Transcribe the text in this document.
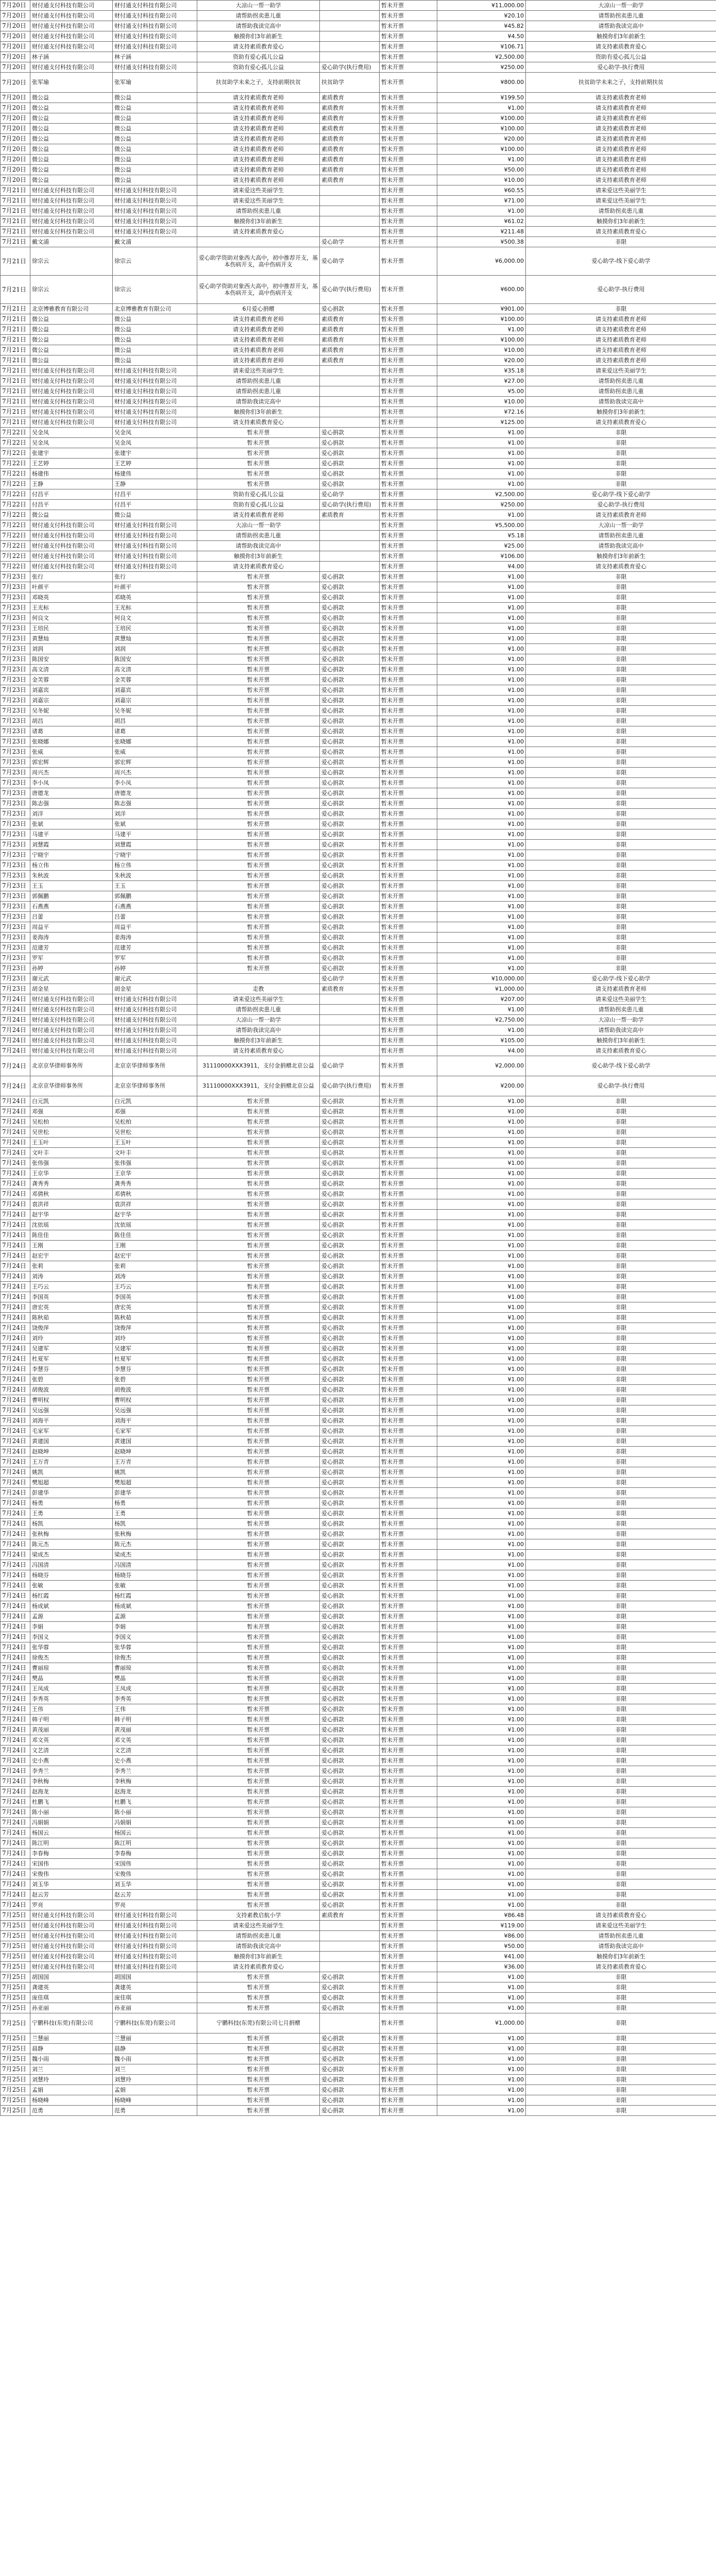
7月20日	财付通支付科技有限公司	财付通支付科技有限公司	大凉山一帮一助学		暂未开票	¥11,000.00	大凉山一帮一助学
7月20日	财付通支付科技有限公司	财付通支付科技有限公司	请帮助拐卖患儿重		暂未开票	¥20.10	请帮助拐卖患儿重
7月20日	财付通支付科技有限公司	财付通支付科技有限公司	请帮助我读完高中		暂未开票	¥45.82	请帮助我读完高中
7月20日	财付通支付科技有限公司	财付通支付科技有限公司	触摸你们3年前新生		暂未开票	¥4.50	触摸你们3年前新生
7月20日	财付通支付科技有限公司	财付通支付科技有限公司	请支持素质教育爱心		暂未开票	¥106.71	请支持素质教育爱心
7月20日	林子涵	林子涵	资助有爱心孤儿公益		暂未开票	¥2,500.00	资助有爱心孤儿公益
7月20日	财付通支付科技有限公司	财付通支付科技有限公司	资助有爱心孤儿公益	爱心助学(执行费用)	暂未开票	¥250.00	爱心助学-执行费用
7月20日	张军瑜	张军瑜	扶贫助学未来之子，支持前期扶贫	扶贫助学	暂未开票	¥800.00	扶贫助学未来之子，支持前期扶贫
7月20日	微公益	微公益	请支持素质教育老师	素质教育	暂未开票	¥199.50	请支持素质教育老师
7月20日	微公益	微公益	请支持素质教育老师	素质教育	暂未开票	¥1.00	请支持素质教育老师
7月20日	微公益	微公益	请支持素质教育老师	素质教育	暂未开票	¥100.00	请支持素质教育老师
7月20日	微公益	微公益	请支持素质教育老师	素质教育	暂未开票	¥100.00	请支持素质教育老师
7月20日	微公益	微公益	请支持素质教育老师	素质教育	暂未开票	¥20.00	请支持素质教育老师
7月20日	微公益	微公益	请支持素质教育老师	素质教育	暂未开票	¥100.00	请支持素质教育老师
7月20日	微公益	微公益	请支持素质教育老师	素质教育	暂未开票	¥1.00	请支持素质教育老师
7月20日	微公益	微公益	请支持素质教育老师	素质教育	暂未开票	¥50.00	请支持素质教育老师
7月20日	微公益	微公益	请支持素质教育老师	素质教育	暂未开票	¥10.00	请支持素质教育老师
7月21日	财付通支付科技有限公司	财付通支付科技有限公司	请来爱这些美丽学生		暂未开票	¥60.55	请来爱这些美丽学生
7月21日	财付通支付科技有限公司	财付通支付科技有限公司	请来爱这些美丽学生		暂未开票	¥71.00	请来爱这些美丽学生
7月21日	财付通支付科技有限公司	财付通支付科技有限公司	请帮助拐卖患儿重		暂未开票	¥1.00	请帮助拐卖患儿重
7月21日	财付通支付科技有限公司	财付通支付科技有限公司	触摸你们3年前新生		暂未开票	¥61.02	触摸你们3年前新生
7月21日	财付通支付科技有限公司	财付通支付科技有限公司	请支持素质教育爱心		暂未开票	¥211.48	请支持素质教育爱心
7月21日	戴文浦	戴文浦		爱心助学	暂未开票	¥500.38	非限
7月21日	徐宗云	徐宗云	爱心助学资助对象西大高中，初中推荐开支，基本伤病开支，高中伤病开支	爱心助学	暂未开票	¥6,000.00	爱心助学-线下爱心助学
7月21日	徐宗云	徐宗云	爱心助学资助对象西大高中，初中推荐开支，基本伤病开支，高中伤病开支	爱心助学(执行费用)	暂未开票	¥600.00	爱心助学-执行费用
7月21日	北京博雅教育有限公司	北京博雅教育有限公司	6月爱心捐赠	爱心捐款	暂未开票	¥901.00	非限
7月21日	微公益	微公益	请支持素质教育老师	素质教育	暂未开票	¥100.00	请支持素质教育老师
7月21日	微公益	微公益	请支持素质教育老师	素质教育	暂未开票	¥1.00	请支持素质教育老师
7月21日	微公益	微公益	请支持素质教育老师	素质教育	暂未开票	¥100.00	请支持素质教育老师
7月21日	微公益	微公益	请支持素质教育老师	素质教育	暂未开票	¥10.00	请支持素质教育老师
7月21日	微公益	微公益	请支持素质教育老师	素质教育	暂未开票	¥20.00	请支持素质教育老师
7月21日	财付通支付科技有限公司	财付通支付科技有限公司	请来爱这些美丽学生		暂未开票	¥35.18	请来爱这些美丽学生
7月21日	财付通支付科技有限公司	财付通支付科技有限公司	请帮助拐卖患儿重		暂未开票	¥27.00	请帮助拐卖患儿重
7月21日	财付通支付科技有限公司	财付通支付科技有限公司	请帮助拐卖患儿重		暂未开票	¥5.00	请帮助拐卖患儿重
7月21日	财付通支付科技有限公司	财付通支付科技有限公司	请帮助我读完高中		暂未开票	¥10.00	请帮助我读完高中
7月21日	财付通支付科技有限公司	财付通支付科技有限公司	触摸你们3年前新生		暂未开票	¥72.16	触摸你们3年前新生
7月21日	财付通支付科技有限公司	财付通支付科技有限公司	请支持素质教育爱心		暂未开票	¥125.00	请支持素质教育爱心
7月22日	吴金凤	吴金凤	暂未开票	爱心捐款	暂未开票	¥1.00	非限
7月22日	吴金凤	吴金凤	暂未开票	爱心捐款	暂未开票	¥1.00	非限
7月22日	张建宇	张建宇	暂未开票	爱心捐款	暂未开票	¥1.00	非限
7月22日	王艺婷	王艺婷	暂未开票	爱心捐款	暂未开票	¥1.00	非限
7月22日	杨建伟	杨建伟	暂未开票	爱心捐款	暂未开票	¥1.00	非限
7月22日	王静	王静	暂未开票	爱心捐款	暂未开票	¥1.00	非限
7月22日	付昌平	付昌平	资助有爱心孤儿公益	爱心助学	暂未开票	¥2,500.00	爱心助学-线下爱心助学
7月22日	付昌平	付昌平	资助有爱心孤儿公益	爱心助学(执行费用)	暂未开票	¥250.00	爱心助学-执行费用
7月22日	微公益	微公益	请支持素质教育老师	素质教育	暂未开票	¥1.00	请支持素质教育老师
7月22日	财付通支付科技有限公司	财付通支付科技有限公司	大凉山一帮一助学		暂未开票	¥5,500.00	大凉山一帮一助学
7月22日	财付通支付科技有限公司	财付通支付科技有限公司	请帮助拐卖患儿重		暂未开票	¥5.18	请帮助拐卖患儿重
7月22日	财付通支付科技有限公司	财付通支付科技有限公司	请帮助我读完高中		暂未开票	¥25.00	请帮助我读完高中
7月22日	财付通支付科技有限公司	财付通支付科技有限公司	触摸你们3年前新生		暂未开票	¥106.00	触摸你们3年前新生
7月22日	财付通支付科技有限公司	财付通支付科技有限公司	请支持素质教育爱心		暂未开票	¥4.00	请支持素质教育爱心
7月23日	张行	张行	暂未开票	爱心捐款	暂未开票	¥1.00	非限
7月23日	叶颜平	叶颜平	暂未开票	爱心捐款	暂未开票	¥1.00	非限
7月23日	邓晓英	邓晓英	暂未开票	爱心捐款	暂未开票	¥1.00	非限
7月23日	王光标	王光标	暂未开票	爱心捐款	暂未开票	¥1.00	非限
7月23日	何良文	何良文	暂未开票	爱心捐款	暂未开票	¥1.00	非限
7月23日	王培民	王培民	暂未开票	爱心捐款	暂未开票	¥1.00	非限
7月23日	黄慧灿	黄慧灿	暂未开票	爱心捐款	暂未开票	¥1.00	非限
7月23日	刘润	刘润	暂未开票	爱心捐款	暂未开票	¥1.00	非限
7月23日	陈国安	陈国安	暂未开票	爱心捐款	暂未开票	¥1.00	非限
7月23日	高文清	高文清	暂未开票	爱心捐款	暂未开票	¥1.00	非限
7月23日	金芙蓉	金芙蓉	暂未开票	爱心捐款	暂未开票	¥1.00	非限
7月23日	刘嘉宾	刘嘉宾	暂未开票	爱心捐款	暂未开票	¥1.00	非限
7月23日	刘嘉宗	刘嘉宗	暂未开票	爱心捐款	暂未开票	¥1.00	非限
7月23日	吴冬妮	吴冬妮	暂未开票	爱心捐款	暂未开票	¥1.00	非限
7月23日	胡昌	胡昌	暂未开票	爱心捐款	暂未开票	¥1.00	非限
7月23日	诸葛	诸葛	暂未开票	爱心捐款	暂未开票	¥1.00	非限
7月23日	张晓娜	张晓娜	暂未开票	爱心捐款	暂未开票	¥1.00	非限
7月23日	张威	张威	暂未开票	爱心捐款	暂未开票	¥1.00	非限
7月23日	郭宏辉	郭宏辉	暂未开票	爱心捐款	暂未开票	¥1.00	非限
7月23日	周兴杰	周兴杰	暂未开票	爱心捐款	暂未开票	¥1.00	非限
7月23日	李小凤	李小凤	暂未开票	爱心捐款	暂未开票	¥1.00	非限
7月23日	唐德龙	唐德龙	暂未开票	爱心捐款	暂未开票	¥1.00	非限
7月23日	陈志强	陈志强	暂未开票	爱心捐款	暂未开票	¥1.00	非限
7月23日	刘洋	刘洋	暂未开票	爱心捐款	暂未开票	¥1.00	非限
7月23日	张斌	张斌	暂未开票	爱心捐款	暂未开票	¥1.00	非限
7月23日	马建平	马建平	暂未开票	爱心捐款	暂未开票	¥1.00	非限
7月23日	刘慧霞	刘慧霞	暂未开票	爱心捐款	暂未开票	¥1.00	非限
7月23日	宁晓宇	宁晓宇	暂未开票	爱心捐款	暂未开票	¥1.00	非限
7月23日	杨立伟	杨立伟	暂未开票	爱心捐款	暂未开票	¥1.00	非限
7月23日	朱秋波	朱秋波	暂未开票	爱心捐款	暂未开票	¥1.00	非限
7月23日	王玉	王玉	暂未开票	爱心捐款	暂未开票	¥1.00	非限
7月23日	郭佩鹏	郭佩鹏	暂未开票	爱心捐款	暂未开票	¥1.00	非限
7月23日	石燕燕	石燕燕	暂未开票	爱心捐款	暂未开票	¥1.00	非限
7月23日	吕蕾	吕蕾	暂未开票	爱心捐款	暂未开票	¥1.00	非限
7月23日	周益平	周益平	暂未开票	爱心捐款	暂未开票	¥1.00	非限
7月23日	姜海涛	姜海涛	暂未开票	爱心捐款	暂未开票	¥1.00	非限
7月23日	范建芳	范建芳	暂未开票	爱心捐款	暂未开票	¥1.00	非限
7月23日	罗军	罗军	暂未开票	爱心捐款	暂未开票	¥1.00	非限
7月23日	孙婷	孙婷	暂未开票	爱心捐款	暂未开票	¥1.00	非限
7月23日	谢元武	谢元武		爱心助学	暂未开票	¥10,000.00	爱心助学-线下爱心助学
7月23日	胡金星	胡金星	走教	素质教育	暂未开票	¥1,000.00	请支持素质教育老师
7月24日	财付通支付科技有限公司	财付通支付科技有限公司	请来爱这些美丽学生		暂未开票	¥207.00	请来爱这些美丽学生
7月24日	财付通支付科技有限公司	财付通支付科技有限公司	请帮助拐卖患儿重		暂未开票	¥1.00	请帮助拐卖患儿重
7月24日	财付通支付科技有限公司	财付通支付科技有限公司	大凉山一帮一助学		暂未开票	¥2,750.00	大凉山一帮一助学
7月24日	财付通支付科技有限公司	财付通支付科技有限公司	请帮助我读完高中		暂未开票	¥1.00	请帮助我读完高中
7月24日	财付通支付科技有限公司	财付通支付科技有限公司	触摸你们3年前新生		暂未开票	¥105.00	触摸你们3年前新生
7月24日	财付通支付科技有限公司	财付通支付科技有限公司	请支持素质教育爱心		暂未开票	¥4.00	请支持素质教育爱心
7月24日	北京京华律师事务所	北京京华律师事务所	31110000XXX3911，支付金捐赠北京公益	爱心助学	暂未开票	¥2,000.00	爱心助学-线下爱心助学
7月24日	北京京华律师事务所	北京京华律师事务所	31110000XXX3911，支付金捐赠北京公益	爱心助学(执行费用)	暂未开票	¥200.00	爱心助学-执行费用
7月24日	白元凯	白元凯	暂未开票	爱心捐款	暂未开票	¥1.00	非限
7月24日	邓强	邓强	暂未开票	爱心捐款	暂未开票	¥1.00	非限
7月24日	吴松柏	吴松柏	暂未开票	爱心捐款	暂未开票	¥1.00	非限
7月24日	吴世松	吴世松	暂未开票	爱心捐款	暂未开票	¥1.00	非限
7月24日	王玉叶	王玉叶	暂未开票	爱心捐款	暂未开票	¥1.00	非限
7月24日	文叶丰	文叶丰	暂未开票	爱心捐款	暂未开票	¥1.00	非限
7月24日	张伟强	张伟强	暂未开票	爱心捐款	暂未开票	¥1.00	非限
7月24日	王京华	王京华	暂未开票	爱心捐款	暂未开票	¥1.00	非限
7月24日	龚秀秀	龚秀秀	暂未开票	爱心捐款	暂未开票	¥1.00	非限
7月24日	邓倩秋	邓倩秋	暂未开票	爱心捐款	暂未开票	¥1.00	非限
7月24日	袁洪祥	袁洪祥	暂未开票	爱心捐款	暂未开票	¥1.00	非限
7月24日	赵宇华	赵宇华	暂未开票	爱心捐款	暂未开票	¥1.00	非限
7月24日	沈依瑶	沈依瑶	暂未开票	爱心捐款	暂未开票	¥1.00	非限
7月24日	陈佳佳	陈佳佳	暂未开票	爱心捐款	暂未开票	¥1.00	非限
7月24日	王刚	王刚	暂未开票	爱心捐款	暂未开票	¥1.00	非限
7月24日	赵宏宇	赵宏宇	暂未开票	爱心捐款	暂未开票	¥1.00	非限
7月24日	张莉	张莉	暂未开票	爱心捐款	暂未开票	¥1.00	非限
7月24日	刘涛	刘涛	暂未开票	爱心捐款	暂未开票	¥1.00	非限
7月24日	王巧云	王巧云	暂未开票	爱心捐款	暂未开票	¥1.00	非限
7月24日	李国英	李国英	暂未开票	爱心捐款	暂未开票	¥1.00	非限
7月24日	唐宏英	唐宏英	暂未开票	爱心捐款	暂未开票	¥1.00	非限
7月24日	陈秋茹	陈秋茹	暂未开票	爱心捐款	暂未开票	¥1.00	非限
7月24日	饶俊萍	饶俊萍	暂未开票	爱心捐款	暂未开票	¥1.00	非限
7月24日	刘玲	刘玲	暂未开票	爱心捐款	暂未开票	¥1.00	非限
7月24日	吴建军	吴建军	暂未开票	爱心捐款	暂未开票	¥1.00	非限
7月24日	杜夏军	杜夏军	暂未开票	爱心捐款	暂未开票	¥1.00	非限
7月24日	李慧芬	李慧芬	暂未开票	爱心捐款	暂未开票	¥1.00	非限
7月24日	张碧	张碧	暂未开票	爱心捐款	暂未开票	¥1.00	非限
7月24日	胡俊波	胡俊波	暂未开票	爱心捐款	暂未开票	¥1.00	非限
7月24日	曹明权	曹明权	暂未开票	爱心捐款	暂未开票	¥1.00	非限
7月24日	吴远强	吴远强	暂未开票	爱心捐款	暂未开票	¥1.00	非限
7月24日	刘海平	刘海平	暂未开票	爱心捐款	暂未开票	¥1.00	非限
7月24日	毛家军	毛家军	暂未开票	爱心捐款	暂未开票	¥1.00	非限
7月24日	黄建国	黄建国	暂未开票	爱心捐款	暂未开票	¥1.00	非限
7月24日	赵晓坤	赵晓坤	暂未开票	爱心捐款	暂未开票	¥1.00	非限
7月24日	王万青	王万青	暂未开票	爱心捐款	暂未开票	¥1.00	非限
7月24日	姚凯	姚凯	暂未开票	爱心捐款	暂未开票	¥1.00	非限
7月24日	樊旭超	樊旭超	暂未开票	爱心捐款	暂未开票	¥1.00	非限
7月24日	彭建华	彭建华	暂未开票	爱心捐款	暂未开票	¥1.00	非限
7月24日	杨勇	杨勇	暂未开票	爱心捐款	暂未开票	¥1.00	非限
7月24日	王勇	王勇	暂未开票	爱心捐款	暂未开票	¥1.00	非限
7月24日	杨凯	杨凯	暂未开票	爱心捐款	暂未开票	¥1.00	非限
7月24日	张秋梅	张秋梅	暂未开票	爱心捐款	暂未开票	¥1.00	非限
7月24日	陈元杰	陈元杰	暂未开票	爱心捐款	暂未开票	¥1.00	非限
7月24日	梁成杰	梁成杰	暂未开票	爱心捐款	暂未开票	¥1.00	非限
7月24日	冯国清	冯国清	暂未开票	爱心捐款	暂未开票	¥1.00	非限
7月24日	杨晓芬	杨晓芬	暂未开票	爱心捐款	暂未开票	¥1.00	非限
7月24日	张敏	张敏	暂未开票	爱心捐款	暂未开票	¥1.00	非限
7月24日	杨红霞	杨红霞	暂未开票	爱心捐款	暂未开票	¥1.00	非限
7月24日	杨成斌	杨成斌	暂未开票	爱心捐款	暂未开票	¥1.00	非限
7月24日	孟源	孟源	暂未开票	爱心捐款	暂未开票	¥1.00	非限
7月24日	李娟	李娟	暂未开票	爱心捐款	暂未开票	¥1.00	非限
7月24日	李国义	李国义	暂未开票	爱心捐款	暂未开票	¥1.00	非限
7月24日	张华蓉	张华蓉	暂未开票	爱心捐款	暂未开票	¥1.00	非限
7月24日	徐俊杰	徐俊杰	暂未开票	爱心捐款	暂未开票	¥1.00	非限
7月24日	曹丽琼	曹丽琼	暂未开票	爱心捐款	暂未开票	¥1.00	非限
7月24日	樊晶	樊晶	暂未开票	爱心捐款	暂未开票	¥1.00	非限
7月24日	王凤成	王凤成	暂未开票	爱心捐款	暂未开票	¥1.00	非限
7月24日	李秀英	李秀英	暂未开票	爱心捐款	暂未开票	¥1.00	非限
7月24日	王伟	王伟	暂未开票	爱心捐款	暂未开票	¥1.00	非限
7月24日	韩子明	韩子明	暂未开票	爱心捐款	暂未开票	¥1.00	非限
7月24日	黄茂丽	黄茂丽	暂未开票	爱心捐款	暂未开票	¥1.00	非限
7月24日	邓文英	邓文英	暂未开票	爱心捐款	暂未开票	¥1.00	非限
7月24日	文艺清	文艺清	暂未开票	爱心捐款	暂未开票	¥1.00	非限
7月24日	史小燕	史小燕	暂未开票	爱心捐款	暂未开票	¥1.00	非限
7月24日	李秀兰	李秀兰	暂未开票	爱心捐款	暂未开票	¥1.00	非限
7月24日	李秋梅	李秋梅	暂未开票	爱心捐款	暂未开票	¥1.00	非限
7月24日	赵海龙	赵海龙	暂未开票	爱心捐款	暂未开票	¥1.00	非限
7月24日	杜鹏飞	杜鹏飞	暂未开票	爱心捐款	暂未开票	¥1.00	非限
7月24日	陈小丽	陈小丽	暂未开票	爱心捐款	暂未开票	¥1.00	非限
7月24日	冯娟娟	冯娟娟	暂未开票	爱心捐款	暂未开票	¥1.00	非限
7月24日	杨国云	杨国云	暂未开票	爱心捐款	暂未开票	¥1.00	非限
7月24日	陈江明	陈江明	暂未开票	爱心捐款	暂未开票	¥1.00	非限
7月24日	李春梅	李春梅	暂未开票	爱心捐款	暂未开票	¥1.00	非限
7月24日	宋国伟	宋国伟	暂未开票	爱心捐款	暂未开票	¥1.00	非限
7月24日	宋俊伟	宋俊伟	暂未开票	爱心捐款	暂未开票	¥1.00	非限
7月24日	刘玉华	刘玉华	暂未开票	爱心捐款	暂未开票	¥1.00	非限
7月24日	赵云芳	赵云芳	暂未开票	爱心捐款	暂未开票	¥1.00	非限
7月24日	罗亮	罗亮	暂未开票	爱心捐款	暂未开票	¥1.00	非限
7月25日	财付通支付科技有限公司	财付通支付科技有限公司	支持素教启航小学	素质教育	暂未开票	¥86.48	请支持素质教育爱心
7月25日	财付通支付科技有限公司	财付通支付科技有限公司	请来爱这些美丽学生		暂未开票	¥119.00	请来爱这些美丽学生
7月25日	财付通支付科技有限公司	财付通支付科技有限公司	请帮助拐卖患儿重		暂未开票	¥86.00	请帮助拐卖患儿重
7月25日	财付通支付科技有限公司	财付通支付科技有限公司	请帮助我读完高中		暂未开票	¥50.00	请帮助我读完高中
7月25日	财付通支付科技有限公司	财付通支付科技有限公司	触摸你们3年前新生		暂未开票	¥41.00	触摸你们3年前新生
7月25日	财付通支付科技有限公司	财付通支付科技有限公司	请支持素质教育爱心		暂未开票	¥36.00	请支持素质教育爱心
7月25日	胡国国	胡国国	暂未开票	爱心捐款	暂未开票	¥1.00	非限
7月25日	龚建英	龚建英	暂未开票	爱心捐款	暂未开票	¥1.00	非限
7月25日	庞佳琪	庞佳琪	暂未开票	爱心捐款	暂未开票	¥1.00	非限
7月25日	孙亚丽	孙亚丽	暂未开票	爱心捐款	暂未开票	¥1.00	非限
7月25日	宁鹏科技(东莞)有限公司	宁鹏科技(东莞)有限公司	宁鹏科技(东莞)有限公司七月捐赠		暂未开票	¥1,000.00	非限
7月25日	兰慧丽	兰慧丽	暂未开票	爱心捐款	暂未开票	¥1.00	非限
7月25日	晨静	晨静	暂未开票	爱心捐款	暂未开票	¥1.00	非限
7月25日	魏小雨	魏小雨	暂未开票	爱心捐款	暂未开票	¥1.00	非限
7月25日	刘兰	刘兰	暂未开票	爱心捐款	暂未开票	¥1.00	非限
7月25日	刘慧玲	刘慧玲	暂未开票	爱心捐款	暂未开票	¥1.00	非限
7月25日	孟娟	孟娟	暂未开票	爱心捐款	暂未开票	¥1.00	非限
7月25日	杨晓峰	杨晓峰	暂未开票	爱心捐款	暂未开票	¥1.00	非限
7月25日	范勇	范勇	暂未开票	爱心捐款	暂未开票	¥1.00	非限
